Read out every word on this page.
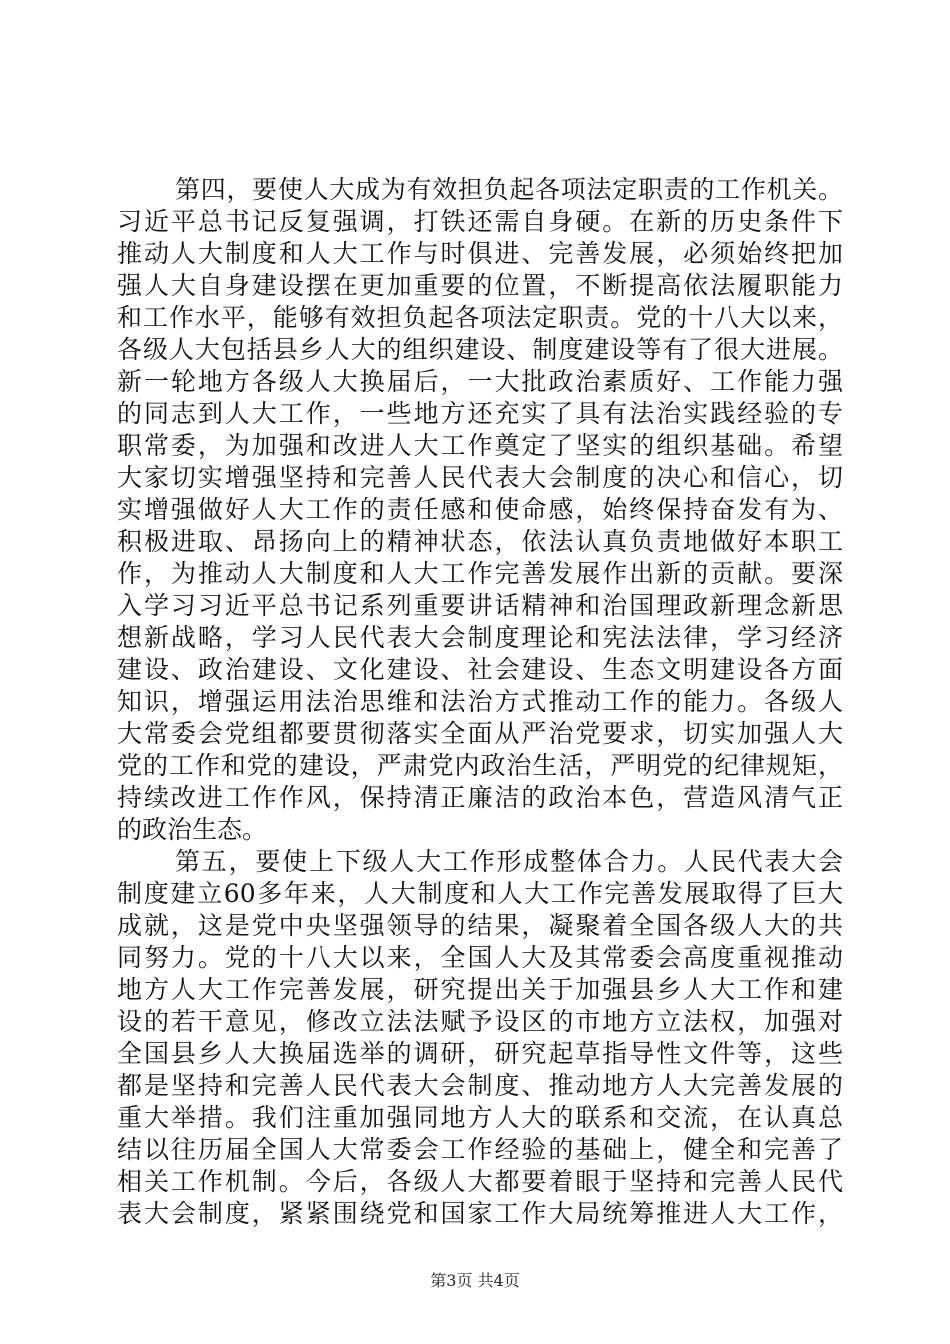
第四，要使人大成为有效担负起各项法定职责的工作机关。
习近平总书记反复强调，打铁还需自身硬。在新的历史条件下
推动人大制度和人大工作与时俱进、完善发展，必须始终把加
强人大自身建设摆在更加重要的位置，不断提高依法履职能力
和工作水平，能够有效担负起各项法定职责。党的十八大以来，
各级人大包括县乡人大的组织建设、制度建设等有了很大进展。
新一轮地方各级人大换届后，一大批政治素质好、工作能力强
的同志到人大工作，一些地方还充实了具有法治实践经验的专
职常委，为加强和改进人大工作奠定了坚实的组织基础。希望
大家切实增强坚持和完善人民代表大会制度的决心和信心，切
实增强做好人大工作的责任感和使命感，始终保持奋发有为、
积极进取、昂扬向上的精神状态，依法认真负责地做好本职工
作，为推动人大制度和人大工作完善发展作出新的贡献。要深
入学习习近平总书记系列重要讲话精神和治国理政新理念新思
想新战略，学习人民代表大会制度理论和宪法法律，学习经济
建设、政治建设、文化建设、社会建设、生态文明建设各方面
知识，增强运用法治思维和法治方式推动工作的能力。各级人
大常委会党组都要贯彻落实全面从严治党要求，切实加强人大
党的工作和党的建设，严肃党内政治生活，严明党的纪律规矩，
持续改进工作作风，保持清正廉洁的政治本色，营造风清气正
的政治生态。
第五，要使上下级人大工作形成整体合力。人民代表大会
制度建立60多年来，人大制度和人大工作完善发展取得了巨大
成就，这是党中央坚强领导的结果，凝聚着全国各级人大的共
同努力。党的十八大以来，全国人大及其常委会高度重视推动
地方人大工作完善发展，研究提出关于加强县乡人大工作和建
设的若干意见，修改立法法赋予设区的市地方立法权，加强对
全国县乡人大换届选举的调研，研究起草指导性文件等，这些
都是坚持和完善人民代表大会制度、推动地方人大完善发展的
重大举措。我们注重加强同地方人大的联系和交流，在认真总
结以往历届全国人大常委会工作经验的基础上，健全和完善了
相关工作机制。今后，各级人大都要着眼于坚持和完善人民代
表大会制度，紧紧围绕党和国家工作大局统筹推进人大工作，
第3页 共4页
